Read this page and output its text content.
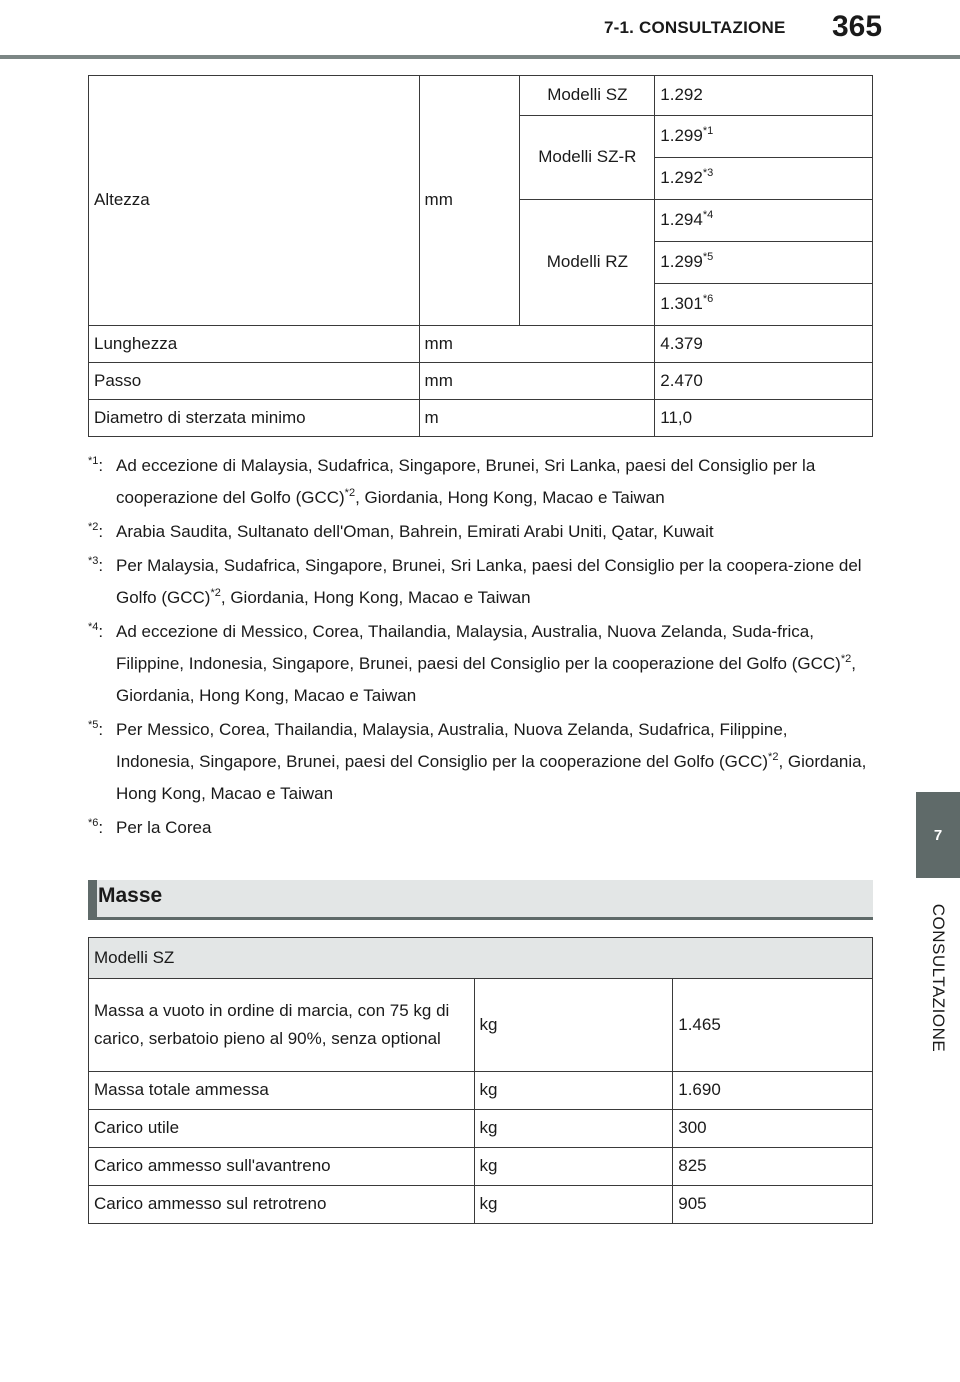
7-1. CONSULTAZIONE 365
7
CONSULTAZIONE
Altezza	mm	Modelli SZ	1.292
		Modelli SZ-R	1.299$^{*1}$
			1.292$^{*3}$
		Modelli RZ	1.294$^{*4}$
			1.299$^{*5}$
			1.301$^{*6}$
Lunghezza	mm		4.379
Passo	mm		2.470
Diametro di sterzata minimo	m		11,0
$^{*1}$: Ad eccezione di Malaysia, Sudafrica, Singapore, Brunei, Sri Lanka, paesi del Consiglio per la cooperazione del Golfo (GCC)$^{*2}$, Giordania, Hong Kong, Macao e Taiwan
$^{*2}$: Arabia Saudita, Sultanato dell'Oman, Bahrein, Emirati Arabi Uniti, Qatar, Kuwait
$^{*3}$: Per Malaysia, Sudafrica, Singapore, Brunei, Sri Lanka, paesi del Consiglio per la coopera-zione del Golfo (GCC)$^{*2}$, Giordania, Hong Kong, Macao e Taiwan
$^{*4}$: Ad eccezione di Messico, Corea, Thailandia, Malaysia, Australia, Nuova Zelanda, Suda-frica, Filippine, Indonesia, Singapore, Brunei, paesi del Consiglio per la cooperazione del Golfo (GCC)$^{*2}$, Giordania, Hong Kong, Macao e Taiwan
$^{*5}$: Per Messico, Corea, Thailandia, Malaysia, Australia, Nuova Zelanda, Sudafrica, Filippine, Indonesia, Singapore, Brunei, paesi del Consiglio per la cooperazione del Golfo (GCC)$^{*2}$, Giordania, Hong Kong, Macao e Taiwan
$^{*6}$: Per la Corea
Masse
Modelli SZ		
Massa a vuoto in ordine di marcia, con 75 kg di carico, serbatoio pieno al 90%, senza optional	kg	1.465
Massa totale ammessa	kg	1.690
Carico utile	kg	300
Carico ammesso sull'avantreno	kg	825
Carico ammesso sul retrotreno	kg	905
